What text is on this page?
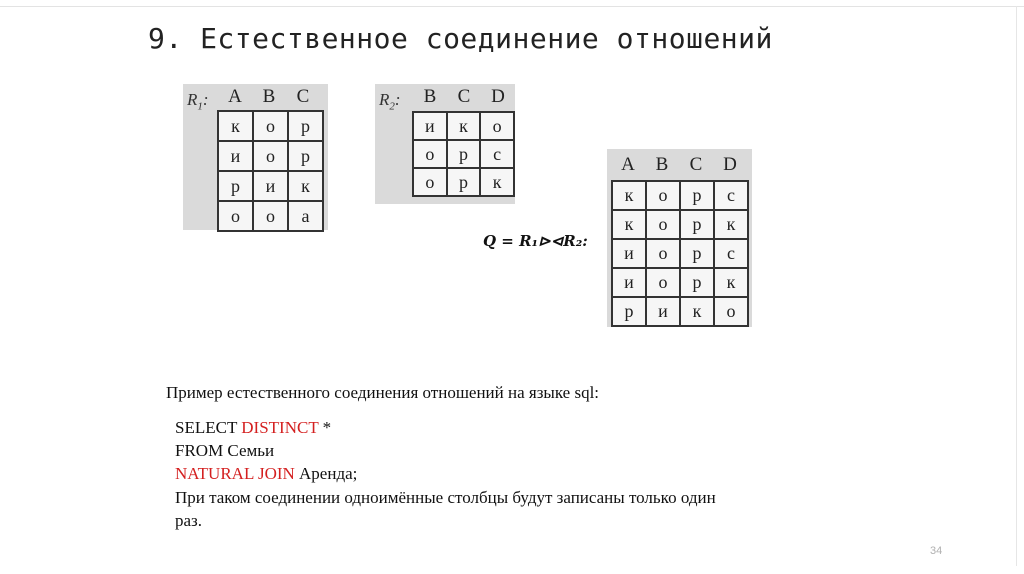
9. Естественное соединение отношений
$R_1$:	A B C
к	о	р
и	о	р
р	и	к
о	о	а
$R_2$:	B C D
и	к	о
о	р	с
о	р	к
Q = R₁⊳⊲R₂:
A B C D
к	о	р	с
к	о	р	к
и	о	р	с
и	о	р	к
р	и	к	о
Пример естественного соединения отношений на языке sql:
SELECT DISTINCT *
FROM Семьи
NATURAL JOIN Аренда;
При таком соединении одноимённые столбцы будут записаны только один
раз.
34
